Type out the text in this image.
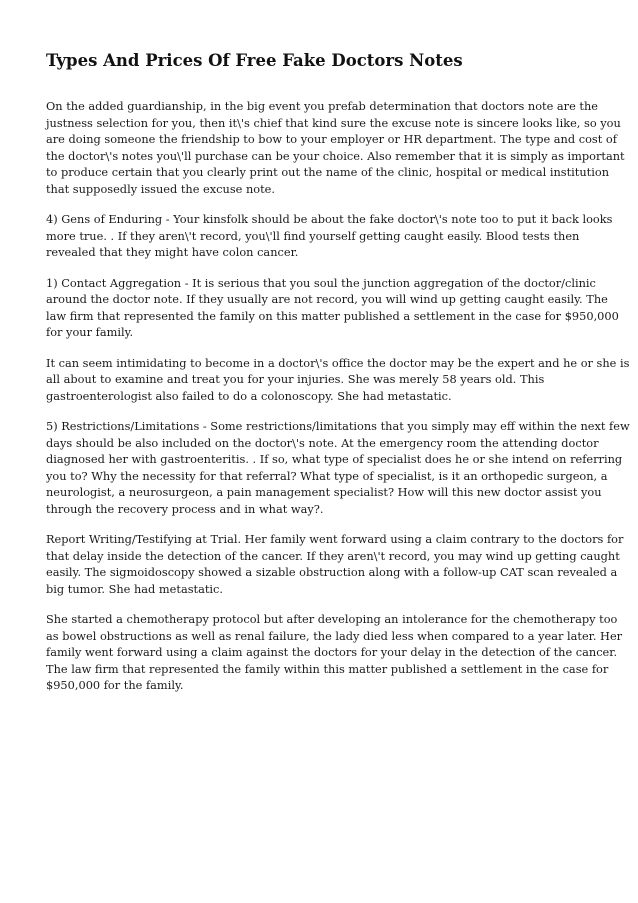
Types And Prices Of Free Fake Doctors Notes

On the added guardianship, in the big event you prefab determination that doctors note are the
justness selection for you, then it\'s chief that kind sure the excuse note is sincere looks like, so you
are doing someone the friendship to bow to your employer or HR department. The type and cost of
the doctor\'s notes you\'ll purchase can be your choice. Also remember that it is simply as important
to produce certain that you clearly print out the name of the clinic, hospital or medical institution
that supposedly issued the excuse note.

4) Gens of Enduring - Your kinsfolk should be about the fake doctor\'s note too to put it back looks
more true. . If they aren\'t record, you\'ll find yourself getting caught easily. Blood tests then
revealed that they might have colon cancer.

1) Contact Aggregation - It is serious that you soul the junction aggregation of the doctor/clinic
around the doctor note. If they usually are not record, you will wind up getting caught easily. The
law firm that represented the family on this matter published a settlement in the case for $950,000
for your family.

It can seem intimidating to become in a doctor\'s office the doctor may be the expert and he or she is
all about to examine and treat you for your injuries. She was merely 58 years old. This
gastroenterologist also failed to do a colonoscopy. She had metastatic.

5) Restrictions/Limitations - Some restrictions/limitations that you simply may eff within the next few
days should be also included on the doctor\'s note. At the emergency room the attending doctor
diagnosed her with gastroenteritis. . If so, what type of specialist does he or she intend on referring
you to? Why the necessity for that referral? What type of specialist, is it an orthopedic surgeon, a
neurologist, a neurosurgeon, a pain management specialist? How will this new doctor assist you
through the recovery process and in what way?.

Report Writing/Testifying at Trial. Her family went forward using a claim contrary to the doctors for
that delay inside the detection of the cancer. If they aren\'t record, you may wind up getting caught
easily. The sigmoidoscopy showed a sizable obstruction along with a follow-up CAT scan revealed a
big tumor. She had metastatic.

She started a chemotherapy protocol but after developing an intolerance for the chemotherapy too
as bowel obstructions as well as renal failure, the lady died less when compared to a year later. Her
family went forward using a claim against the doctors for your delay in the detection of the cancer.
The law firm that represented the family within this matter published a settlement in the case for
$950,000 for the family.
